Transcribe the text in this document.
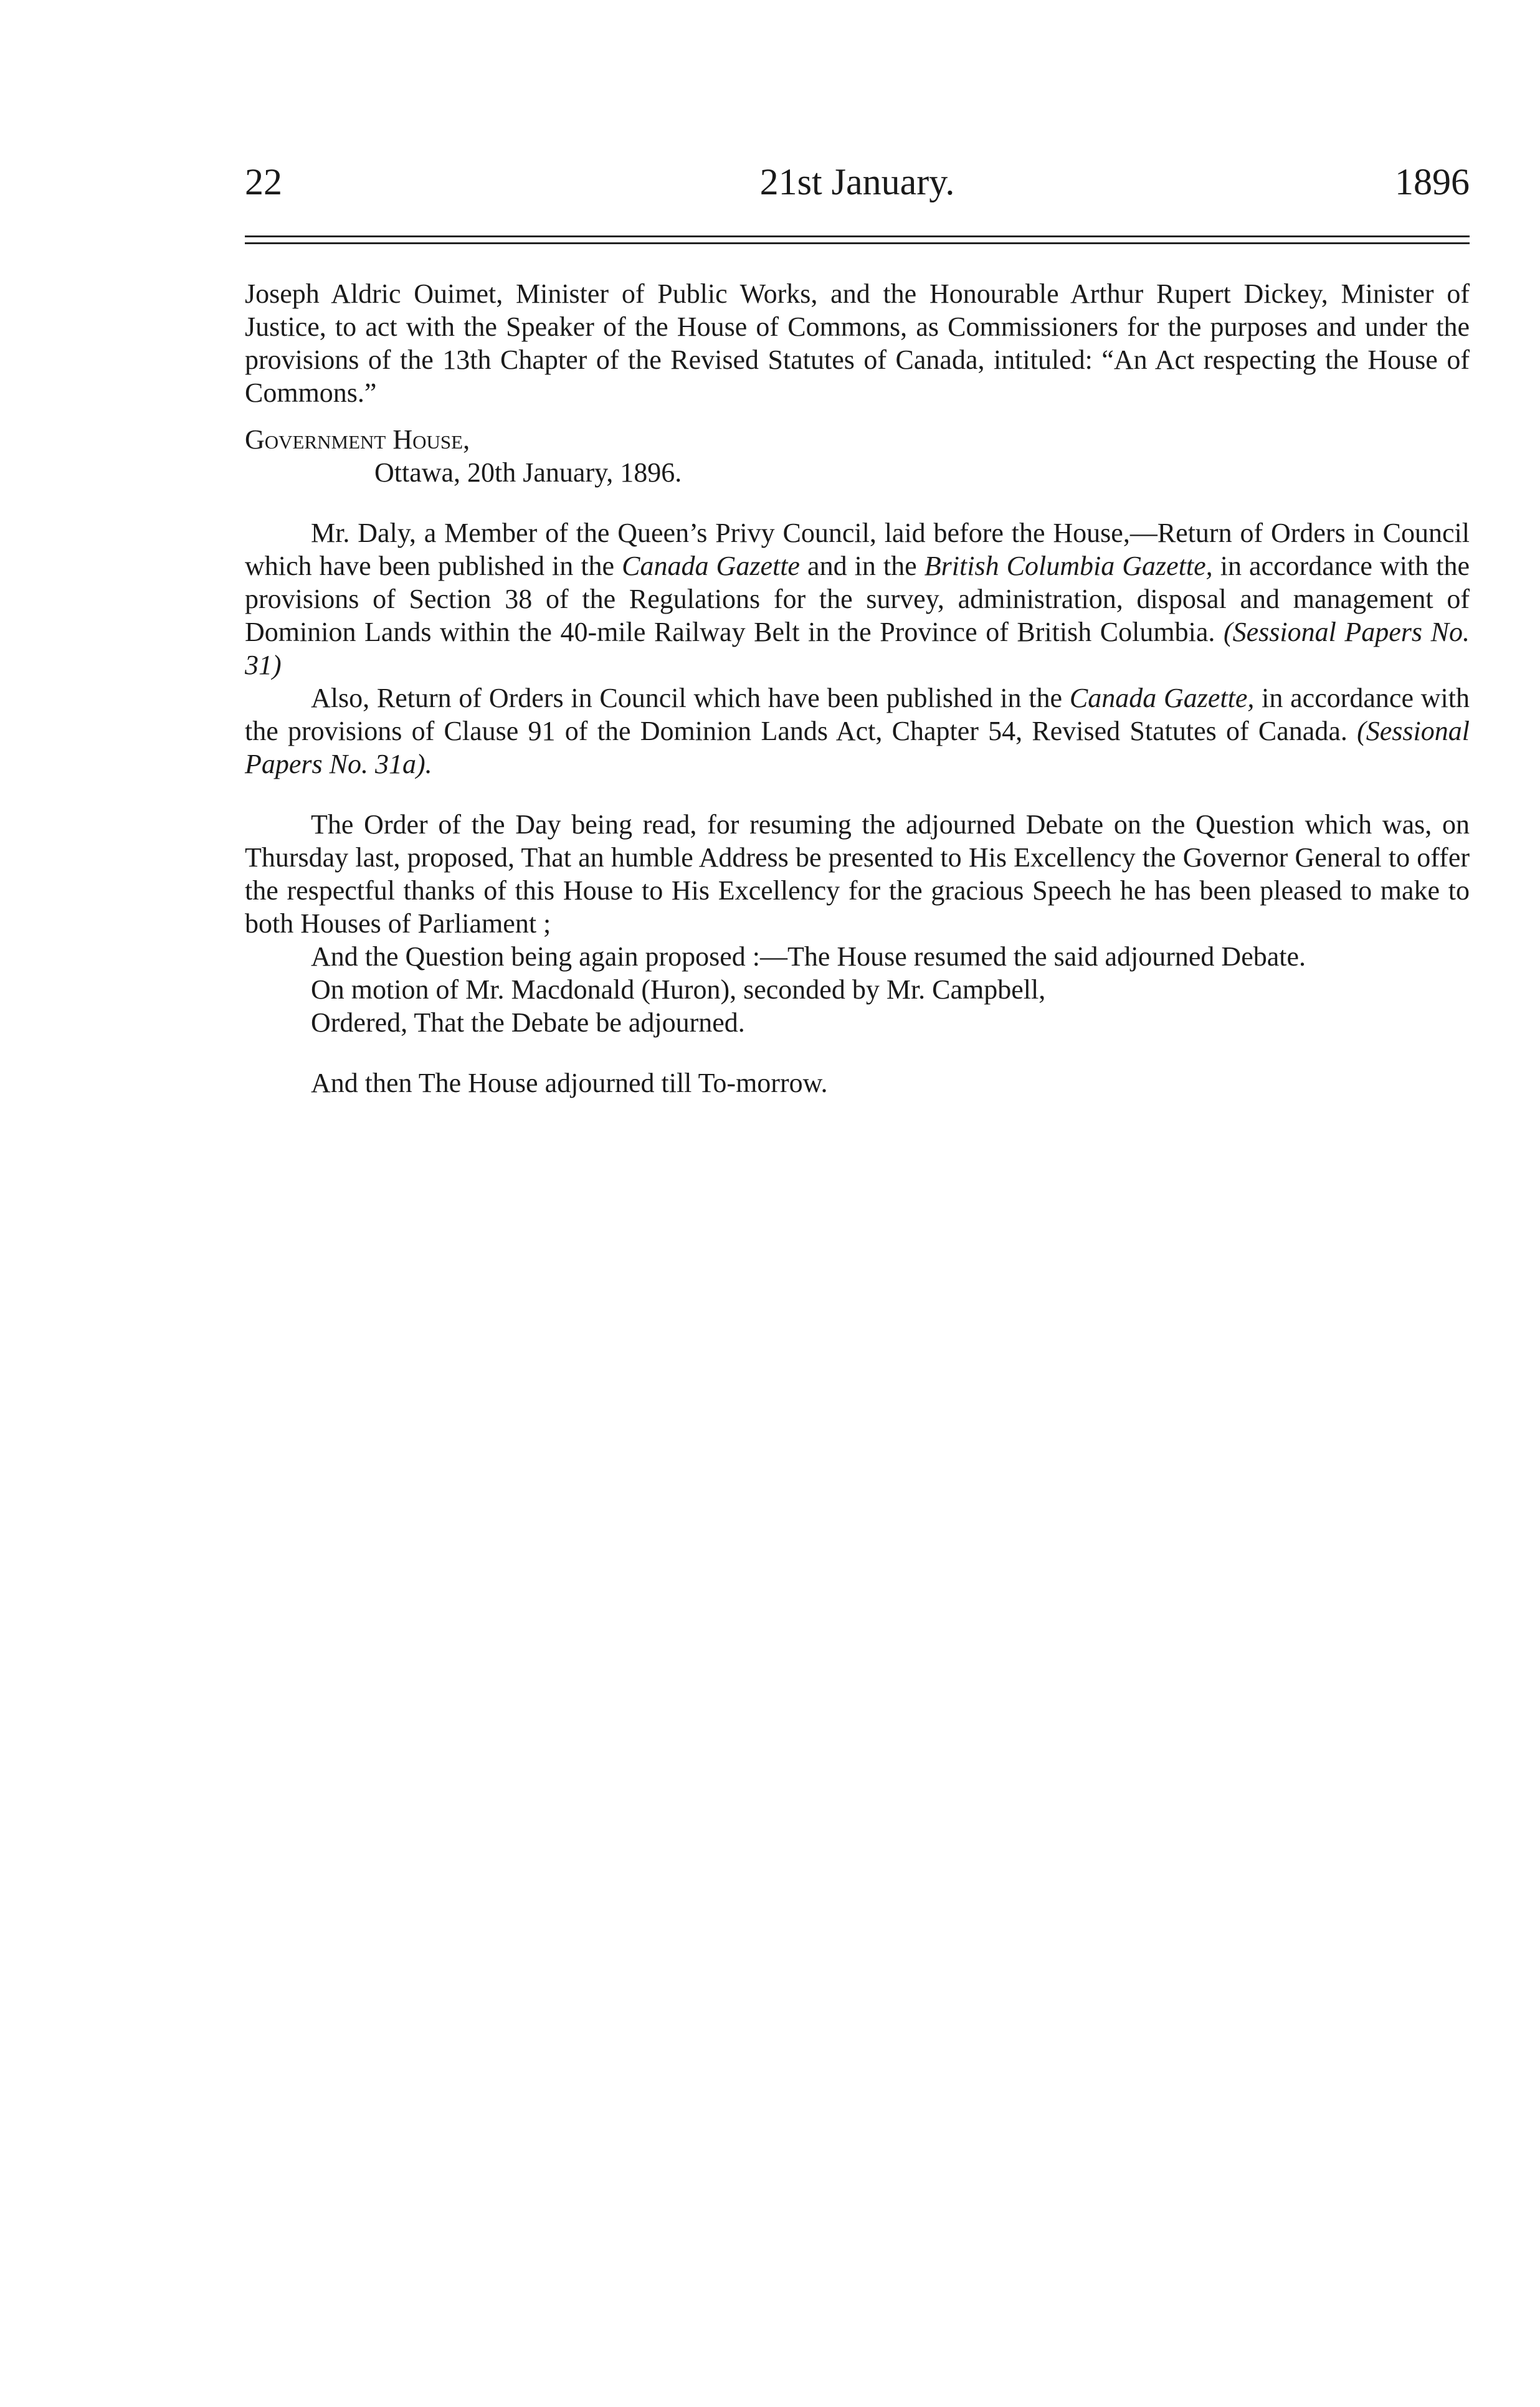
22	21st January.	1896

Joseph Aldric Ouimet, Minister of Public Works, and the Honourable Arthur Rupert Dickey, Minister of Justice, to act with the Speaker of the House of Commons, as Commissioners for the purposes and under the provisions of the 13th Chapter of the Revised Statutes of Canada, intituled: “An Act respecting the House of Commons.”

Government House,

Ottawa, 20th January, 1896.

Mr. Daly, a Member of the Queen’s Privy Council, laid before the House,—Return of Orders in Council which have been published in the Canada Gazette and in the British Columbia Gazette, in accordance with the provisions of Section 38 of the Regulations for the survey, administration, disposal and management of Dominion Lands within the 40-mile Railway Belt in the Province of British Columbia. (Sessional Papers No. 31)

Also, Return of Orders in Council which have been published in the Canada Gazette, in accordance with the provisions of Clause 91 of the Dominion Lands Act, Chapter 54, Revised Statutes of Canada. (Sessional Papers No. 31a).

The Order of the Day being read, for resuming the adjourned Debate on the Question which was, on Thursday last, proposed, That an humble Address be presented to His Excellency the Governor General to offer the respectful thanks of this House to His Excellency for the gracious Speech he has been pleased to make to both Houses of Parliament ;

And the Question being again proposed :—The House resumed the said adjourned Debate.

On motion of Mr. Macdonald (Huron), seconded by Mr. Campbell,

Ordered, That the Debate be adjourned.

And then The House adjourned till To-morrow.
